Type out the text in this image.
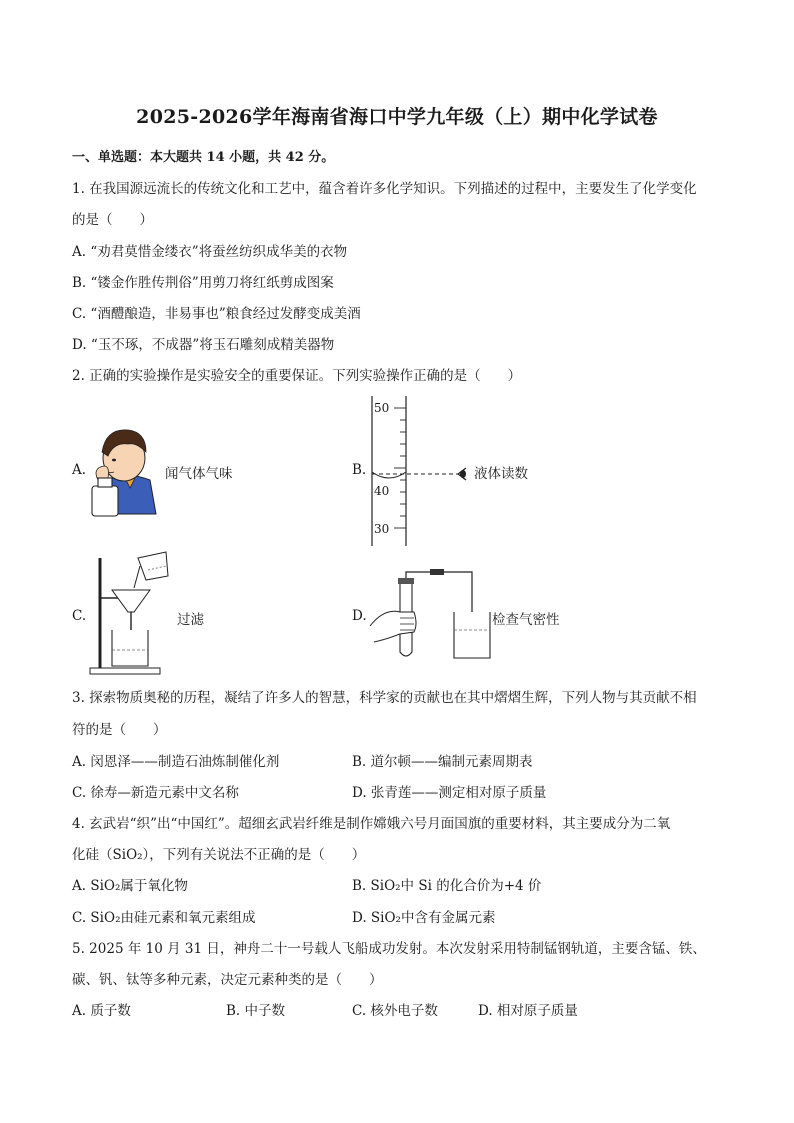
2025-2026学年海南省海口中学九年级（上）期中化学试卷
一、单选题：本大题共 14 小题，共 42 分。
1. 在我国源远流长的传统文化和工艺中，蕴含着许多化学知识。下列描述的过程中，主要发生了化学变化
的是（　　）
A. “劝君莫惜金缕衣”将蚕丝纺织成华美的衣物
B. “镂金作胜传荆俗”用剪刀将红纸剪成图案
C. “酒醴酿造，非易事也”粮食经过发酵变成美酒
D. “玉不琢，不成器”将玉石雕刻成精美器物
2. 正确的实验操作是实验安全的重要保证。下列实验操作正确的是（　　）
A.	闻气体气味	B.
50
40
30
液体读数
C.	过滤	D.	检查气密性
3. 探索物质奥秘的历程，凝结了许多人的智慧，科学家的贡献也在其中熠熠生辉，下列人物与其贡献不相
符的是（　　）
A. 闵恩泽——制造石油炼制催化剂	B. 道尔顿——编制元素周期表
C. 徐寿—新造元素中文名称	D. 张青莲——测定相对原子质量
4. 玄武岩“织”出“中国红”。超细玄武岩纤维是制作嫦娥六号月面国旗的重要材料，其主要成分为二氧
化硅（SiO₂），下列有关说法不正确的是（　　）
A. SiO₂属于氧化物	B. SiO₂中 Si 的化合价为+4 价
C. SiO₂由硅元素和氧元素组成	D. SiO₂中含有金属元素
5. 2025 年 10 月 31 日，神舟二十一号载人飞船成功发射。本次发射采用特制锰钢轨道，主要含锰、铁、
碳、钒、钛等多种元素，决定元素种类的是（　　）
A. 质子数	B. 中子数	C. 核外电子数	D. 相对原子质量
